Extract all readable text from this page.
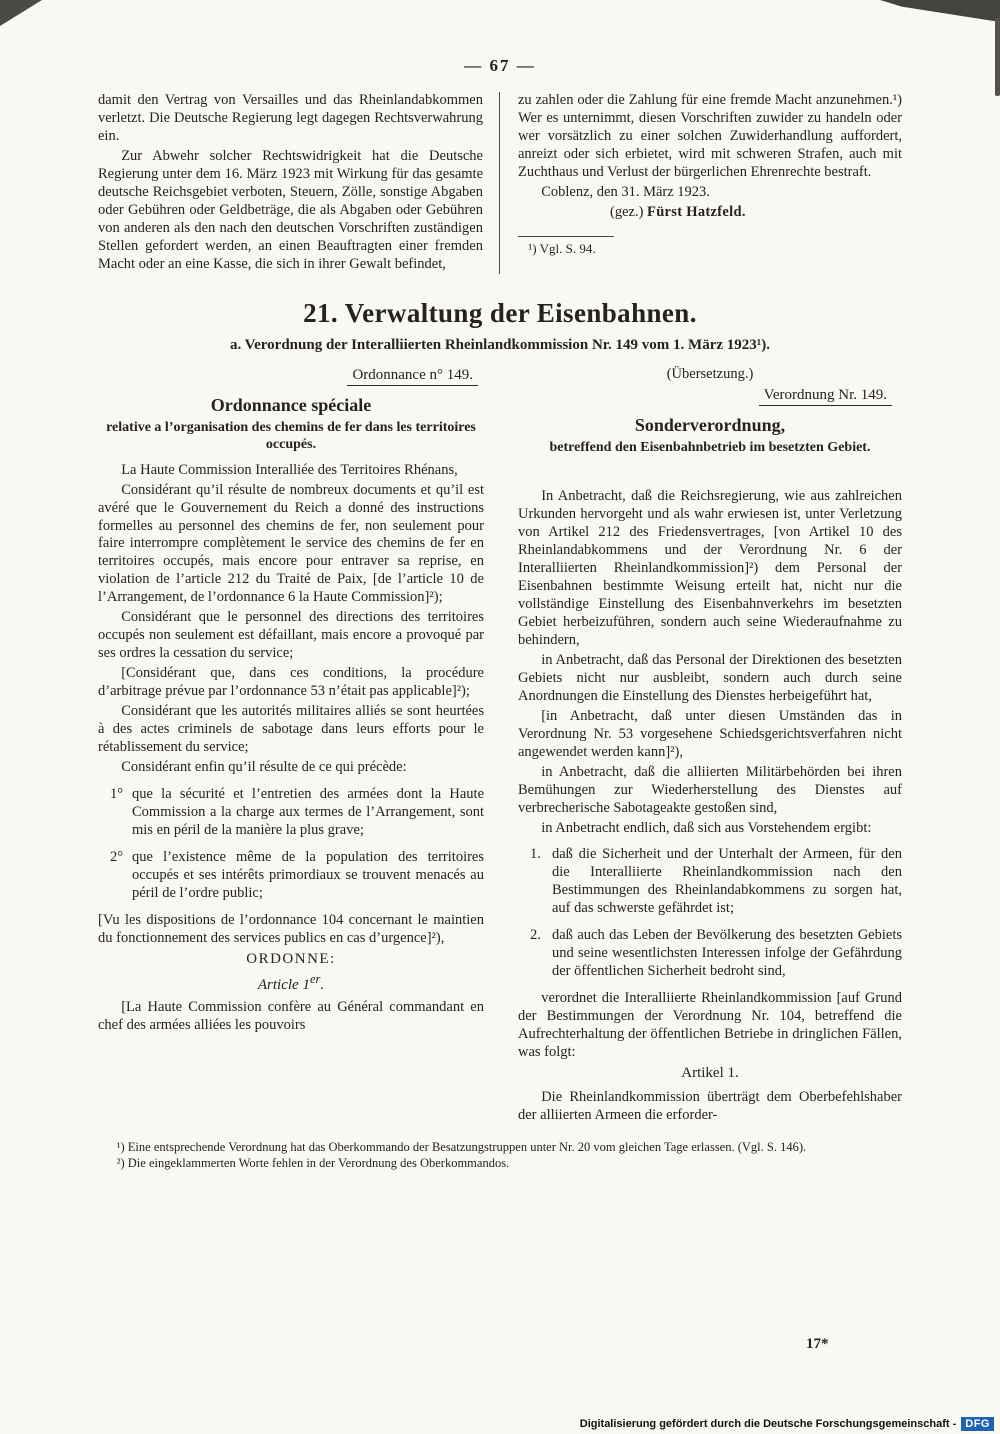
— 67 —

damit den Vertrag von Versailles und das Rheinlandabkommen verletzt. Die Deutsche Regierung legt dagegen Rechtsverwahrung ein.

Zur Abwehr solcher Rechtswidrigkeit hat die Deutsche Regierung unter dem 16. März 1923 mit Wirkung für das gesamte deutsche Reichsgebiet verboten, Steuern, Zölle, sonstige Abgaben oder Gebühren oder Geldbeträge, die als Abgaben oder Gebühren von anderen als den nach den deutschen Vorschriften zuständigen Stellen gefordert werden, an einen Beauftragten einer fremden Macht oder an eine Kasse, die sich in ihrer Gewalt befindet,

zu zahlen oder die Zahlung für eine fremde Macht anzunehmen.¹) Wer es unternimmt, diesen Vorschriften zuwider zu handeln oder wer vorsätzlich zu einer solchen Zuwiderhandlung auffordert, anreizt oder sich erbietet, wird mit schweren Strafen, auch mit Zuchthaus und Verlust der bürgerlichen Ehrenrechte bestraft.

Coblenz, den 31. März 1923.

(gez.) Fürst Hatzfeld.

¹) Vgl. S. 94.

21. Verwaltung der Eisenbahnen.
a. Verordnung der Interalliierten Rheinlandkommission Nr. 149 vom 1. März 1923¹).
Ordonnance n° 149.
Ordonnance spéciale
relative a l’organisation des chemins de fer dans les territoires occupés.

La Haute Commission Interalliée des Territoires Rhénans,

Considérant qu’il résulte de nombreux documents et qu’il est avéré que le Gouvernement du Reich a donné des instructions formelles au personnel des chemins de fer, non seulement pour faire interrompre complètement le service des chemins de fer en territoires occupés, mais encore pour entraver sa reprise, en violation de l’article 212 du Traité de Paix, [de l’article 10 de l’Arrangement, de l’ordonnance 6 la Haute Commission]²);

Considérant que le personnel des directions des territoires occupés non seulement est défaillant, mais encore a provoqué par ses ordres la cessation du service;

[Considérant que, dans ces conditions, la procédure d’arbitrage prévue par l’ordonnance 53 n’était pas applicable]²);

Considérant que les autorités militaires alliés se sont heurtées à des actes criminels de sabotage dans leurs efforts pour le rétablissement du service;

Considérant enfin qu’il résulte de ce qui précède:

1° que la sécurité et l’entretien des armées dont la Haute Commission a la charge aux termes de l’Arrangement, sont mis en péril de la manière la plus grave;
2° que l’existence même de la population des territoires occupés et ses intérêts primordiaux se trouvent menacés au péril de l’ordre public;

[Vu les dispositions de l’ordonnance 104 concernant le maintien du fonctionnement des services publics en cas d’urgence]²),

ORDONNE:

Article 1er.

[La Haute Commission confère au Général commandant en chef des armées alliées les pouvoirs

(Übersetzung.)
Verordnung Nr. 149.
Sonderverordnung,
betreffend den Eisenbahnbetrieb im besetzten Gebiet.

In Anbetracht, daß die Reichsregierung, wie aus zahlreichen Urkunden hervorgeht und als wahr erwiesen ist, unter Verletzung von Artikel 212 des Friedensvertrages, [von Artikel 10 des Rheinlandabkommens und der Verordnung Nr. 6 der Interalliierten Rheinlandkommission]²) dem Personal der Eisenbahnen bestimmte Weisung erteilt hat, nicht nur die vollständige Einstellung des Eisenbahnverkehrs im besetzten Gebiet herbeizuführen, sondern auch seine Wiederaufnahme zu behindern,

in Anbetracht, daß das Personal der Direktionen des besetzten Gebiets nicht nur ausbleibt, sondern auch durch seine Anordnungen die Einstellung des Dienstes herbeigeführt hat,

[in Anbetracht, daß unter diesen Umständen das in Verordnung Nr. 53 vorgesehene Schiedsgerichtsverfahren nicht angewendet werden kann]²),

in Anbetracht, daß die alliierten Militärbehörden bei ihren Bemühungen zur Wiederherstellung des Dienstes auf verbrecherische Sabotageakte gestoßen sind,

in Anbetracht endlich, daß sich aus Vorstehendem ergibt:

1. daß die Sicherheit und der Unterhalt der Armeen, für den die Interalliierte Rheinlandkommission nach den Bestimmungen des Rheinlandabkommens zu sorgen hat, auf das schwerste gefährdet ist;
2. daß auch das Leben der Bevölkerung des besetzten Gebiets und seine wesentlichsten Interessen infolge der Gefährdung der öffentlichen Sicherheit bedroht sind,

verordnet die Interalliierte Rheinlandkommission [auf Grund der Bestimmungen der Verordnung Nr. 104, betreffend die Aufrechterhaltung der öffentlichen Betriebe in dringlichen Fällen, was folgt:

Artikel 1.

Die Rheinlandkommission überträgt dem Oberbefehlshaber der alliierten Armeen die erforder-

¹) Eine entsprechende Verordnung hat das Oberkommando der Besatzungstruppen unter Nr. 20 vom gleichen Tage erlassen. (Vgl. S. 146).

²) Die eingeklammerten Worte fehlen in der Verordnung des Oberkommandos.

17*
Digitalisierung gefördert durch die Deutsche Forschungsgemeinschaft - DFG
